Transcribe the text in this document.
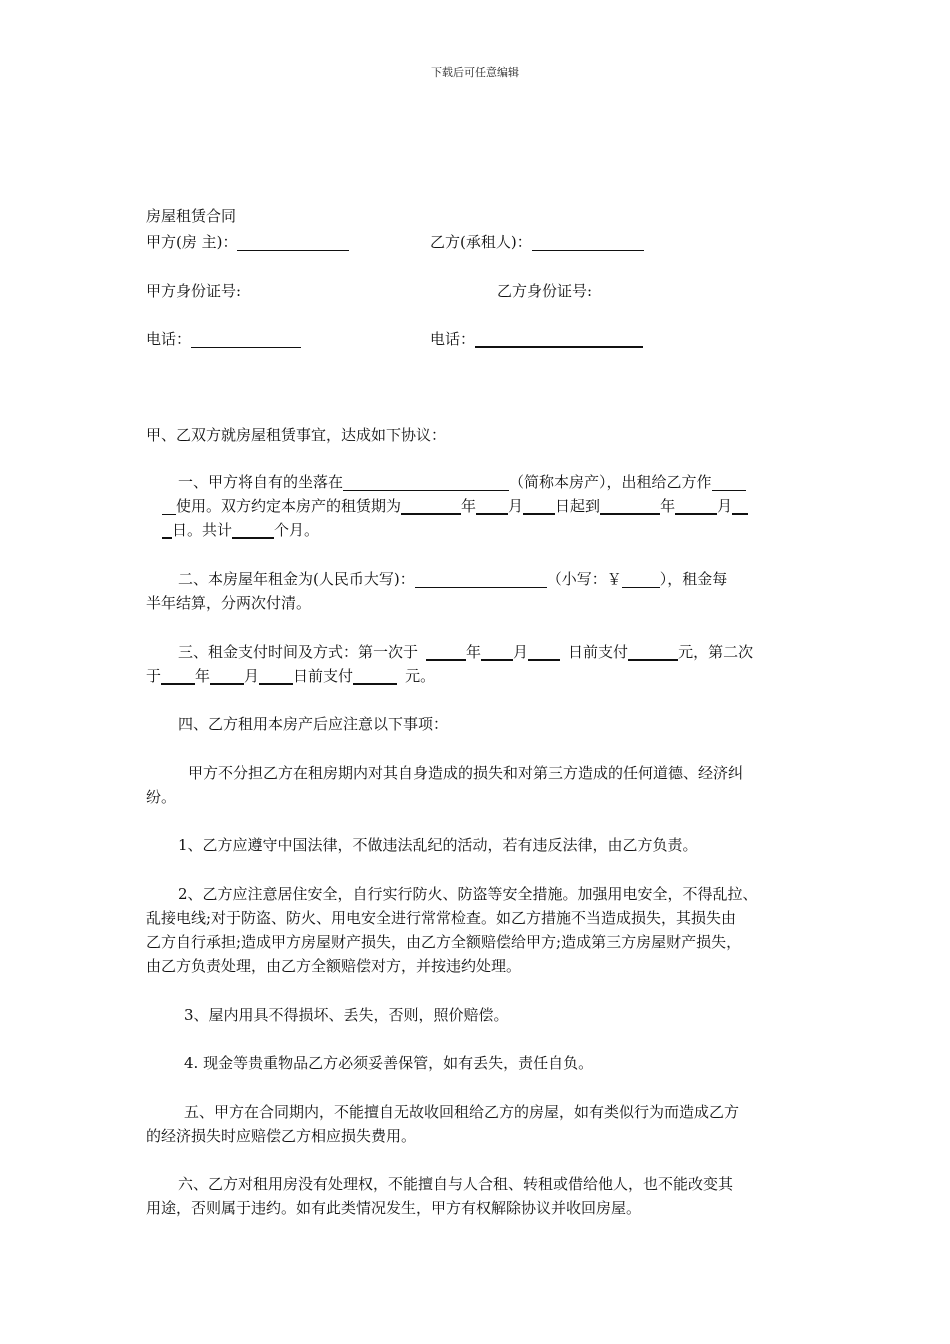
下载后可任意编辑
房屋租赁合同
甲方(房 主)：	乙方(承租人)：
甲方身份证号:	乙方身份证号:
电话：	电话：
甲、乙双方就房屋租赁事宜，达成如下协议：
一、甲方将自有的坐落在	（简称本房产），出租给乙方作
使用。双方约定本房产的租赁期为	年 月 日起到	年	月
日。共计	个月。
二、本房屋年租金为(人民币大写)：	（小写：￥	），租金每
半年结算，分两次付清。
三、租金支付时间及方式：第一次于	年 月	日前支付	元，第二次
于 年 月 日前支付	元。
四、乙方租用本房产后应注意以下事项：
甲方不分担乙方在租房期内对其自身造成的损失和对第三方造成的任何道德、经济纠
纷。
1、乙方应遵守中国法律，不做违法乱纪的活动，若有违反法律，由乙方负责。
2、乙方应注意居住安全，自行实行防火、防盗等安全措施。加强用电安全，不得乱拉、
乱接电线;对于防盗、防火、用电安全进行常常检查。如乙方措施不当造成损失，其损失由
乙方自行承担;造成甲方房屋财产损失，由乙方全额赔偿给甲方;造成第三方房屋财产损失，
由乙方负责处理，由乙方全额赔偿对方，并按违约处理。
3、屋内用具不得损坏、丢失，否则，照价赔偿。
4. 现金等贵重物品乙方必须妥善保管，如有丢失，责任自负。
五、甲方在合同期内，不能擅自无故收回租给乙方的房屋，如有类似行为而造成乙方
的经济损失时应赔偿乙方相应损失费用。
六、乙方对租用房没有处理权，不能擅自与人合租、转租或借给他人，也不能改变其
用途，否则属于违约。如有此类情况发生，甲方有权解除协议并收回房屋。
